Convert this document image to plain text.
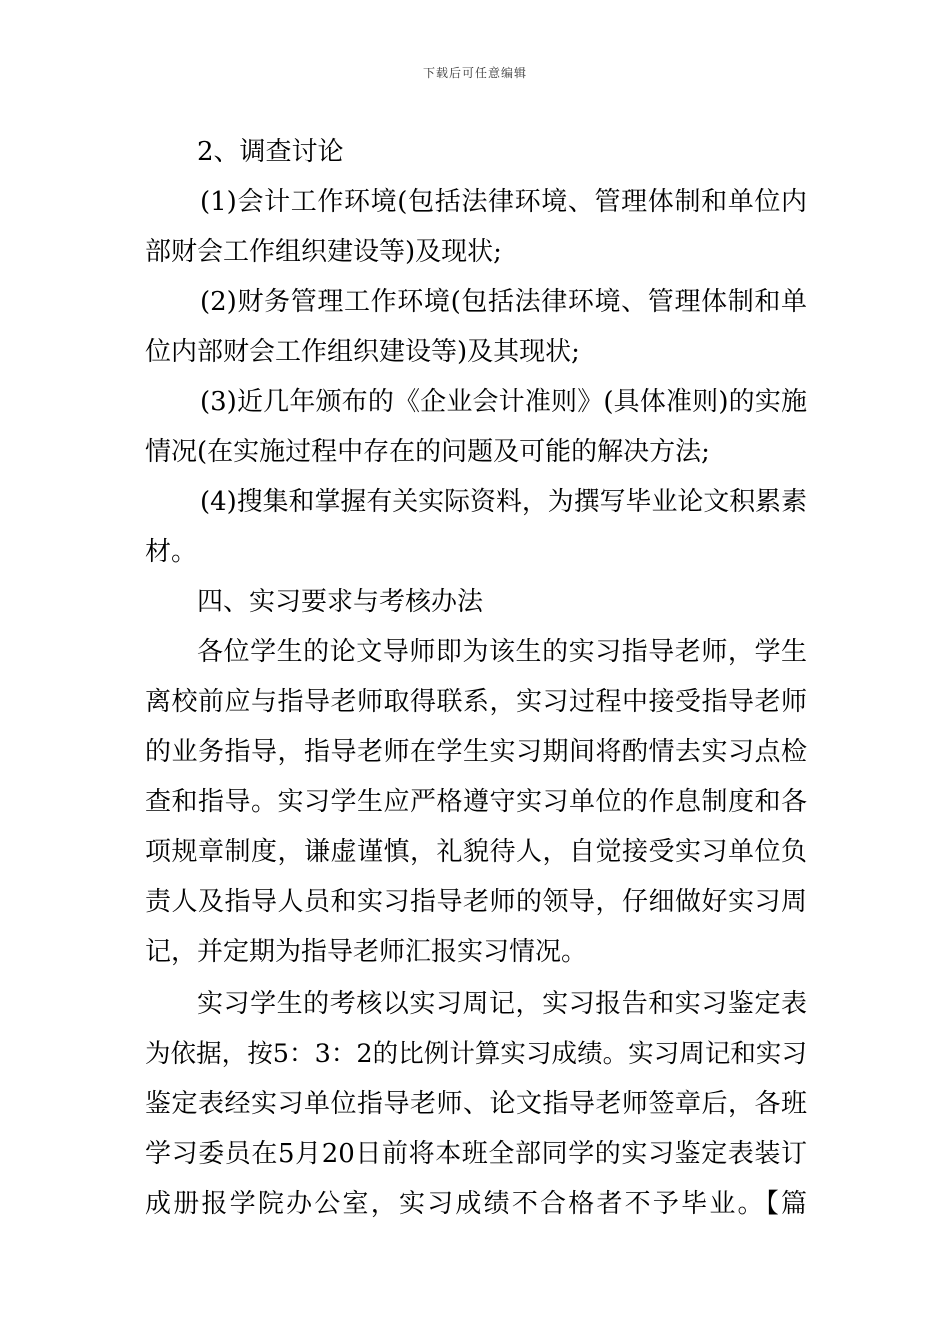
下载后可任意编辑
2、调查讨论
(1)会计工作环境(包括法律环境、管理体制和单位内
部财会工作组织建设等)及现状;
(2)财务管理工作环境(包括法律环境、管理体制和单
位内部财会工作组织建设等)及其现状;
(3)近几年颁布的《企业会计准则》(具体准则)的实施
情况(在实施过程中存在的问题及可能的解决方法;
(4)搜集和掌握有关实际资料，为撰写毕业论文积累素
材。
四、实习要求与考核办法
各位学生的论文导师即为该生的实习指导老师，学生
离校前应与指导老师取得联系，实习过程中接受指导老师
的业务指导，指导老师在学生实习期间将酌情去实习点检
查和指导。实习学生应严格遵守实习单位的作息制度和各
项规章制度，谦虚谨慎，礼貌待人，自觉接受实习单位负
责人及指导人员和实习指导老师的领导，仔细做好实习周
记，并定期为指导老师汇报实习情况。
实习学生的考核以实习周记，实习报告和实习鉴定表
为依据，按5：3：2的比例计算实习成绩。实习周记和实习
鉴定表经实习单位指导老师、论文指导老师签章后，各班
学习委员在5月20日前将本班全部同学的实习鉴定表装订
成册报学院办公室，实习成绩不合格者不予毕业。【篇
